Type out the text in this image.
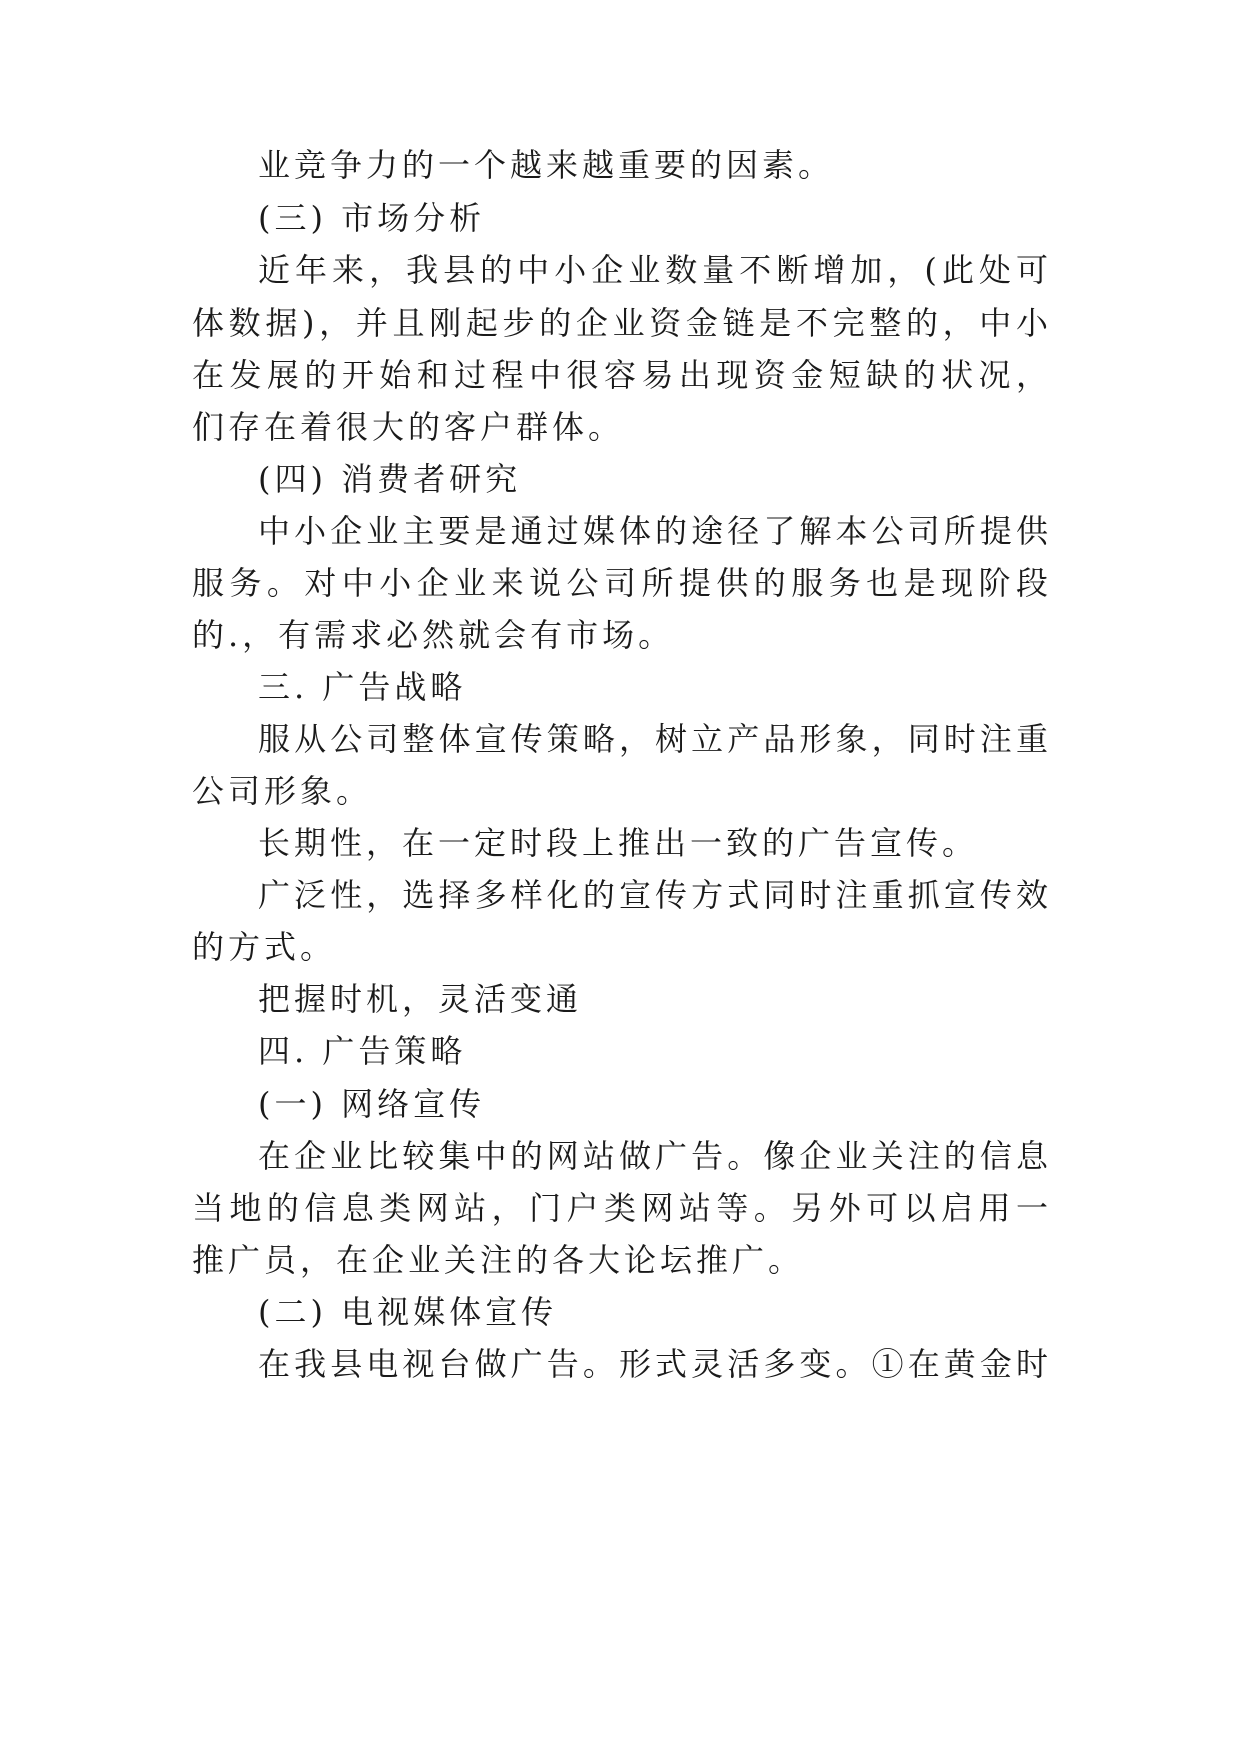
业竞争力的一个越来越重要的因素。
(三) 市场分析
近年来，我县的中小企业数量不断增加，(此处可
体数据)，并且刚起步的企业资金链是不完整的，中小
在发展的开始和过程中很容易出现资金短缺的状况，
们存在着很大的客户群体。
(四) 消费者研究
中小企业主要是通过媒体的途径了解本公司所提供
服务。对中小企业来说公司所提供的服务也是现阶段
的.，有需求必然就会有市场。
三. 广告战略
服从公司整体宣传策略，树立产品形象，同时注重
公司形象。
长期性，在一定时段上推出一致的广告宣传。
广泛性，选择多样化的宣传方式同时注重抓宣传效
的方式。
把握时机，灵活变通
四. 广告策略
(一) 网络宣传
在企业比较集中的网站做广告。像企业关注的信息
当地的信息类网站，门户类网站等。另外可以启用一
推广员，在企业关注的各大论坛推广。
(二) 电视媒体宣传
在我县电视台做广告。形式灵活多变。①在黄金时
